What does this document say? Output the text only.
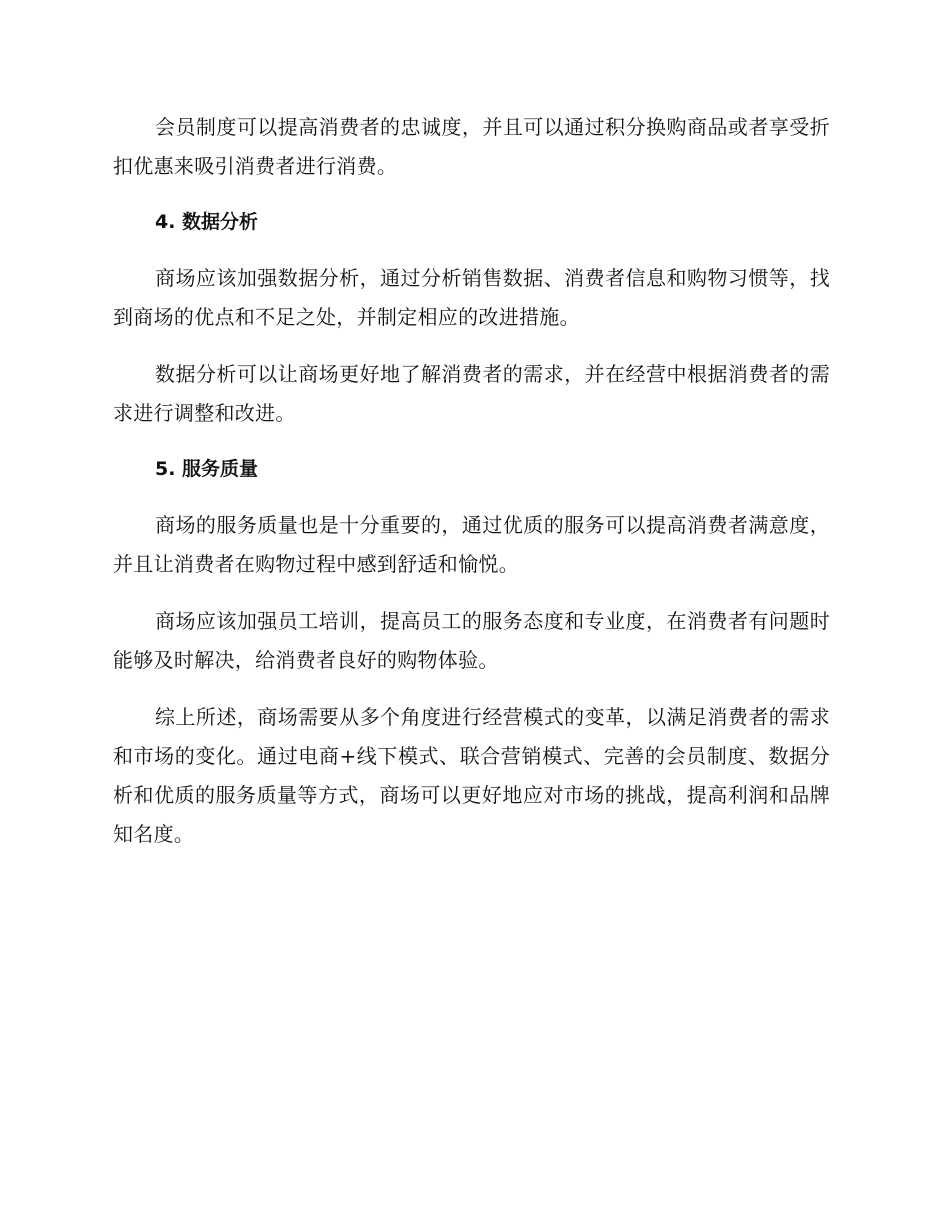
会员制度可以提高消费者的忠诚度，并且可以通过积分换购商品或者享受折扣优惠来吸引消费者进行消费。

4. 数据分析

商场应该加强数据分析，通过分析销售数据、消费者信息和购物习惯等，找到商场的优点和不足之处，并制定相应的改进措施。

数据分析可以让商场更好地了解消费者的需求，并在经营中根据消费者的需求进行调整和改进。

5. 服务质量

商场的服务质量也是十分重要的，通过优质的服务可以提高消费者满意度，并且让消费者在购物过程中感到舒适和愉悦。

商场应该加强员工培训，提高员工的服务态度和专业度，在消费者有问题时能够及时解决，给消费者良好的购物体验。

综上所述，商场需要从多个角度进行经营模式的变革，以满足消费者的需求和市场的变化。通过电商+线下模式、联合营销模式、完善的会员制度、数据分析和优质的服务质量等方式，商场可以更好地应对市场的挑战，提高利润和品牌知名度。
